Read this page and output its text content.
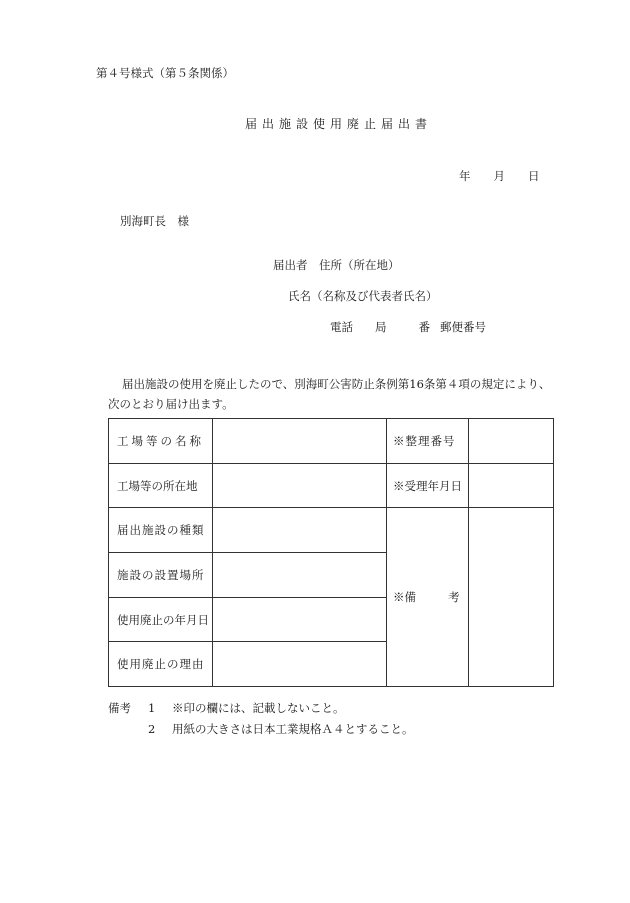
第４号様式（第５条関係）
届出施設使用廃止届出書
年 月 日
別海町長　様
届出者　住所（所在地）
氏名（名称及び代表者氏名）
電話 局	番 郵便番号
届出施設の使用を廃止したので、別海町公害防止条例第16条第４項の規定により、次のとおり届け出ます。
工場等の名称		※整理番号	
工場等の所在地		※受理年月日	
届出施設の種類		※備 考	

施設の設置場所			
使用廃止の年月日			
使用廃止の理由			
備考 1 ※印の欄には、記載しないこと。
2 用紙の大きさは日本工業規格Ａ４とすること。
